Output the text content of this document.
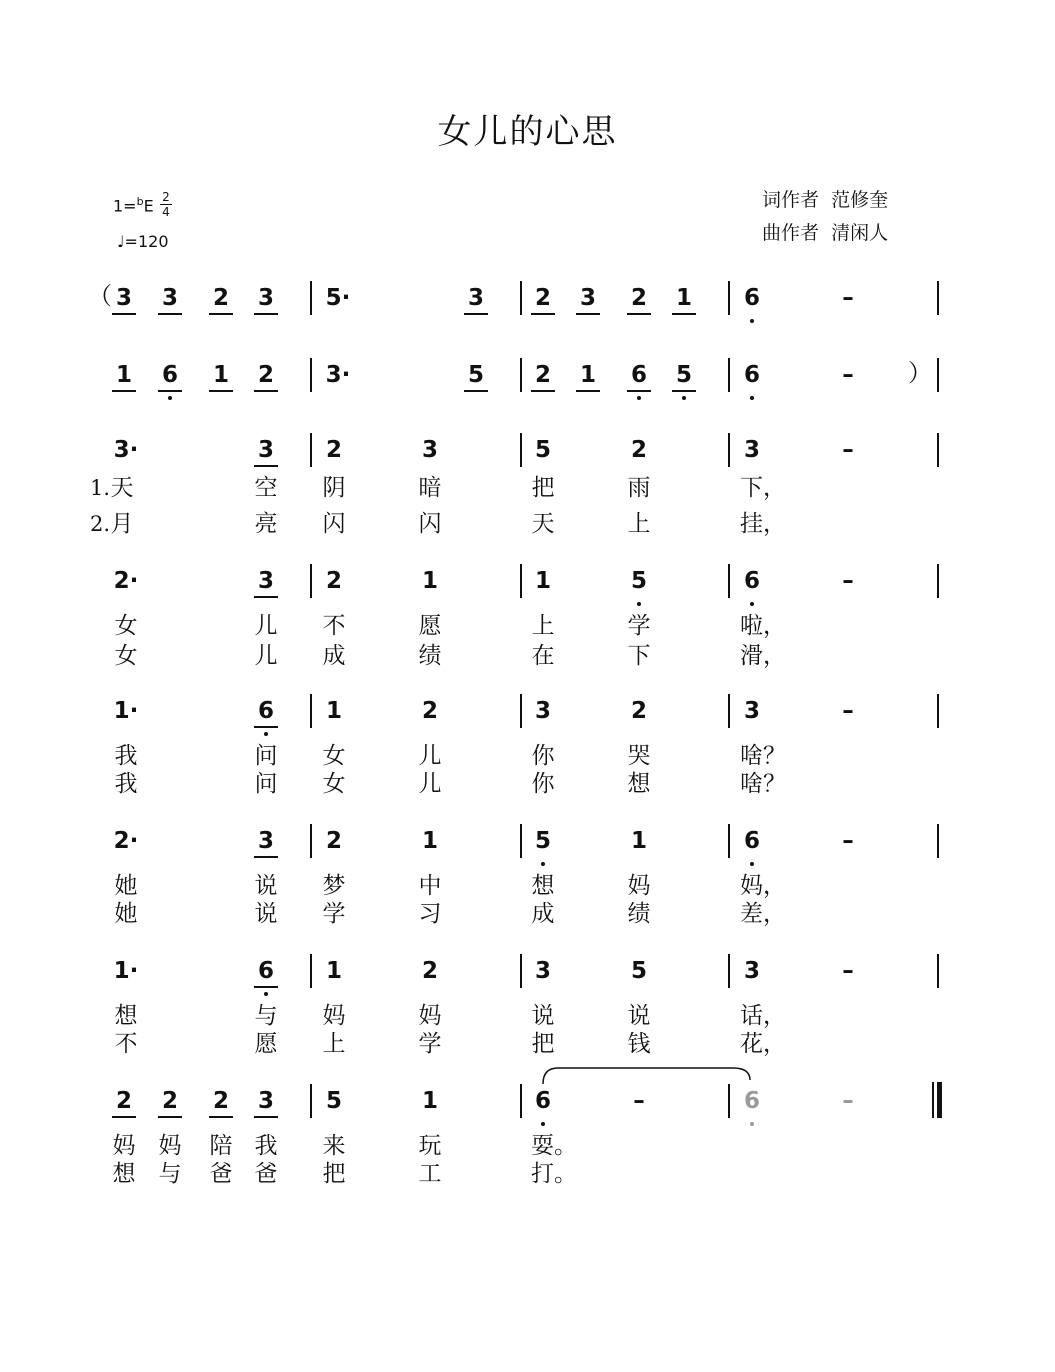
女儿的心思
1=$^b$E 2
4
♩=120
词作者 范修奎
曲作者 清闲人
（ 3 3 2 3 5·	3 2 3 2 1 6	–
1 6 1 2 3·	5 2 1 6 5 6	– ）
3·	3 2	3	5	2	3	–
1. 天	空 阴	暗	把	雨	下，
2. 月	亮 闪	闪	天	上	挂，
2·	3 2	1	1	5	6	–
女	儿 不	愿	上	学	啦，
女	儿 成	绩	在	下	滑，
1·	6 1	2	3	2	3	–
我	问 女	儿	你	哭	啥？
我	问 女	儿	你	想	啥？
2·	3 2	1	5	1	6	–
她	说 梦	中	想	妈	妈，
她	说 学	习	成	绩	差，
1·	6 1	2	3	5	3	–
想	与 妈	妈	说	说	话，
不	愿 上	学	把	钱	花，
2 2 2 3 5	1	6	–	6	–
妈 妈 陪 我 来	玩	耍。
想 与 爸 爸 把	工	打。
